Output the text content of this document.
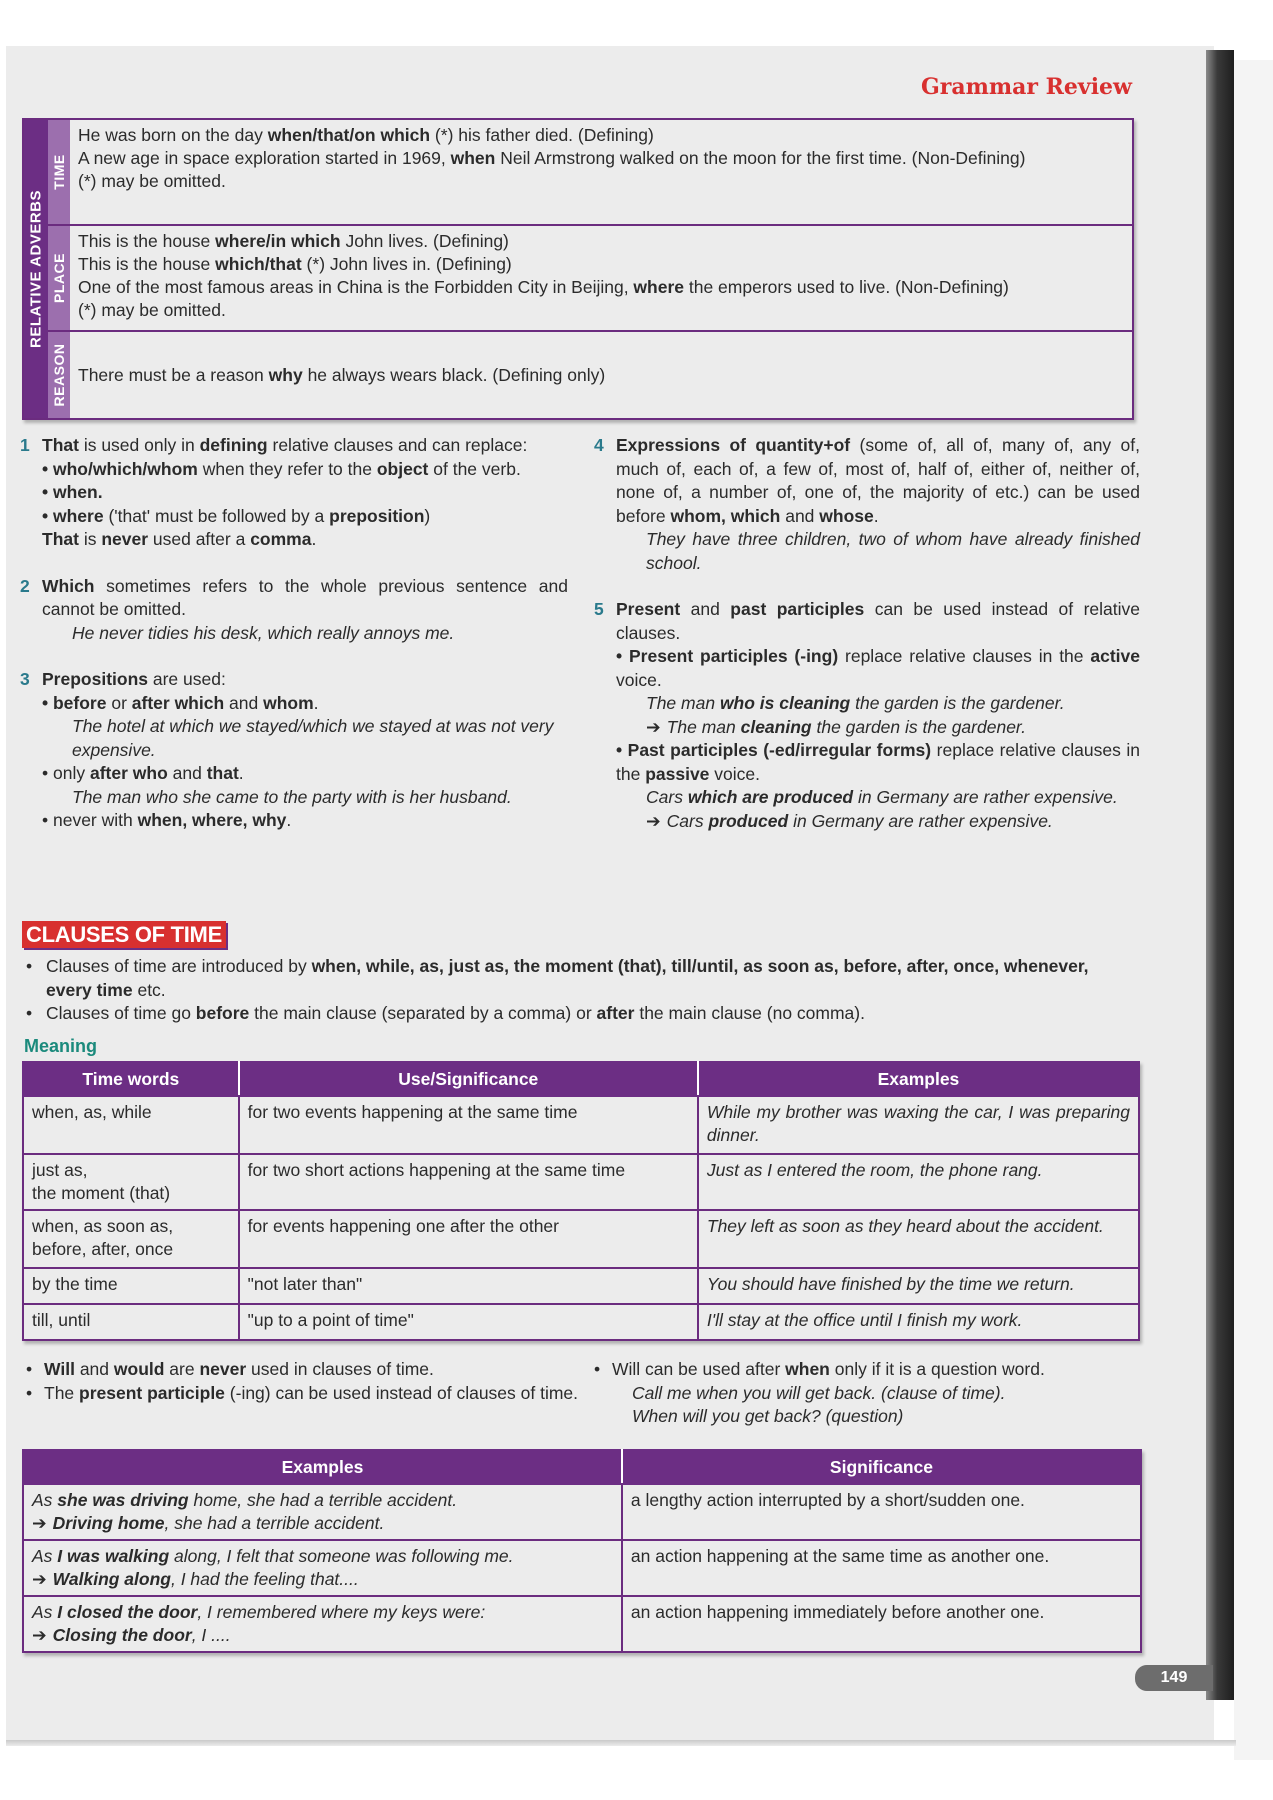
Grammar Review
RELATIVE ADVERBS
TIME
He was born on the day when/that/on which (*) his father died. (Defining)
A new age in space exploration started in 1969, when Neil Armstrong walked on the moon for the first time. (Non-Defining)
(*) may be omitted.
PLACE
This is the house where/in which John lives. (Defining)
This is the house which/that (*) John lives in. (Defining)
One of the most famous areas in China is the Forbidden City in Beijing, where the emperors used to live. (Non-Defining)
(*) may be omitted.
REASON There must be a reason why he always wears black. (Defining only)
1 That is used only in defining relative clauses and can replace:
• who/which/whom when they refer to the object of the verb.
• when.
• where ('that' must be followed by a preposition)
That is never used after a comma.
2 Which sometimes refers to the whole previous sentence and cannot be omitted.
He never tidies his desk, which really annoys me.
3 Prepositions are used:
• before or after which and whom.
The hotel at which we stayed/which we stayed at was not very expensive.
• only after who and that.
The man who she came to the party with is her husband.
• never with when, where, why.
4 Expressions of quantity+of (some of, all of, many of, any of, much of, each of, a few of, most of, half of, either of, neither of, none of, a number of, one of, the majority of etc.) can be used before whom, which and whose.
They have three children, two of whom have already finished school.
5 Present and past participles can be used instead of relative clauses.
• Present participles (-ing) replace relative clauses in the active voice.
The man who is cleaning the garden is the gardener.
➔ The man cleaning the garden is the gardener.
• Past participles (-ed/irregular forms) replace relative clauses in the passive voice.
Cars which are produced in Germany are rather expensive.
➔ Cars produced in Germany are rather expensive.
CLAUSES OF TIME
• Clauses of time are introduced by when, while, as, just as, the moment (that), till/until, as soon as, before, after, once, whenever, every time etc.
• Clauses of time go before the main clause (separated by a comma) or after the main clause (no comma).
Meaning
Time words	Use/Significance	Examples
when, as, while	for two events happening at the same time	While my brother was waxing the car, I was preparing dinner.
just as,
the moment (that)	for two short actions happening at the same time	Just as I entered the room, the phone rang.
when, as soon as,
before, after, once	for events happening one after the other	They left as soon as they heard about the accident.
by the time	"not later than"	You should have finished by the time we return.
till, until	"up to a point of time"	I'll stay at the office until I finish my work.
• Will and would are never used in clauses of time.
• The present participle (-ing) can be used instead of clauses of time.
• Will can be used after when only if it is a question word.
Call me when you will get back. (clause of time).
When will you get back? (question)
Examples	Significance

As she was driving home, she had a terrible accident.
➔ Driving home, she had a terrible accident.	a lengthy action interrupted by a short/sudden one.

As I was walking along, I felt that someone was following me.
➔ Walking along, I had the feeling that....	an action happening at the same time as another one.

As I closed the door, I remembered where my keys were:
➔ Closing the door, I ....	an action happening immediately before another one.
149
